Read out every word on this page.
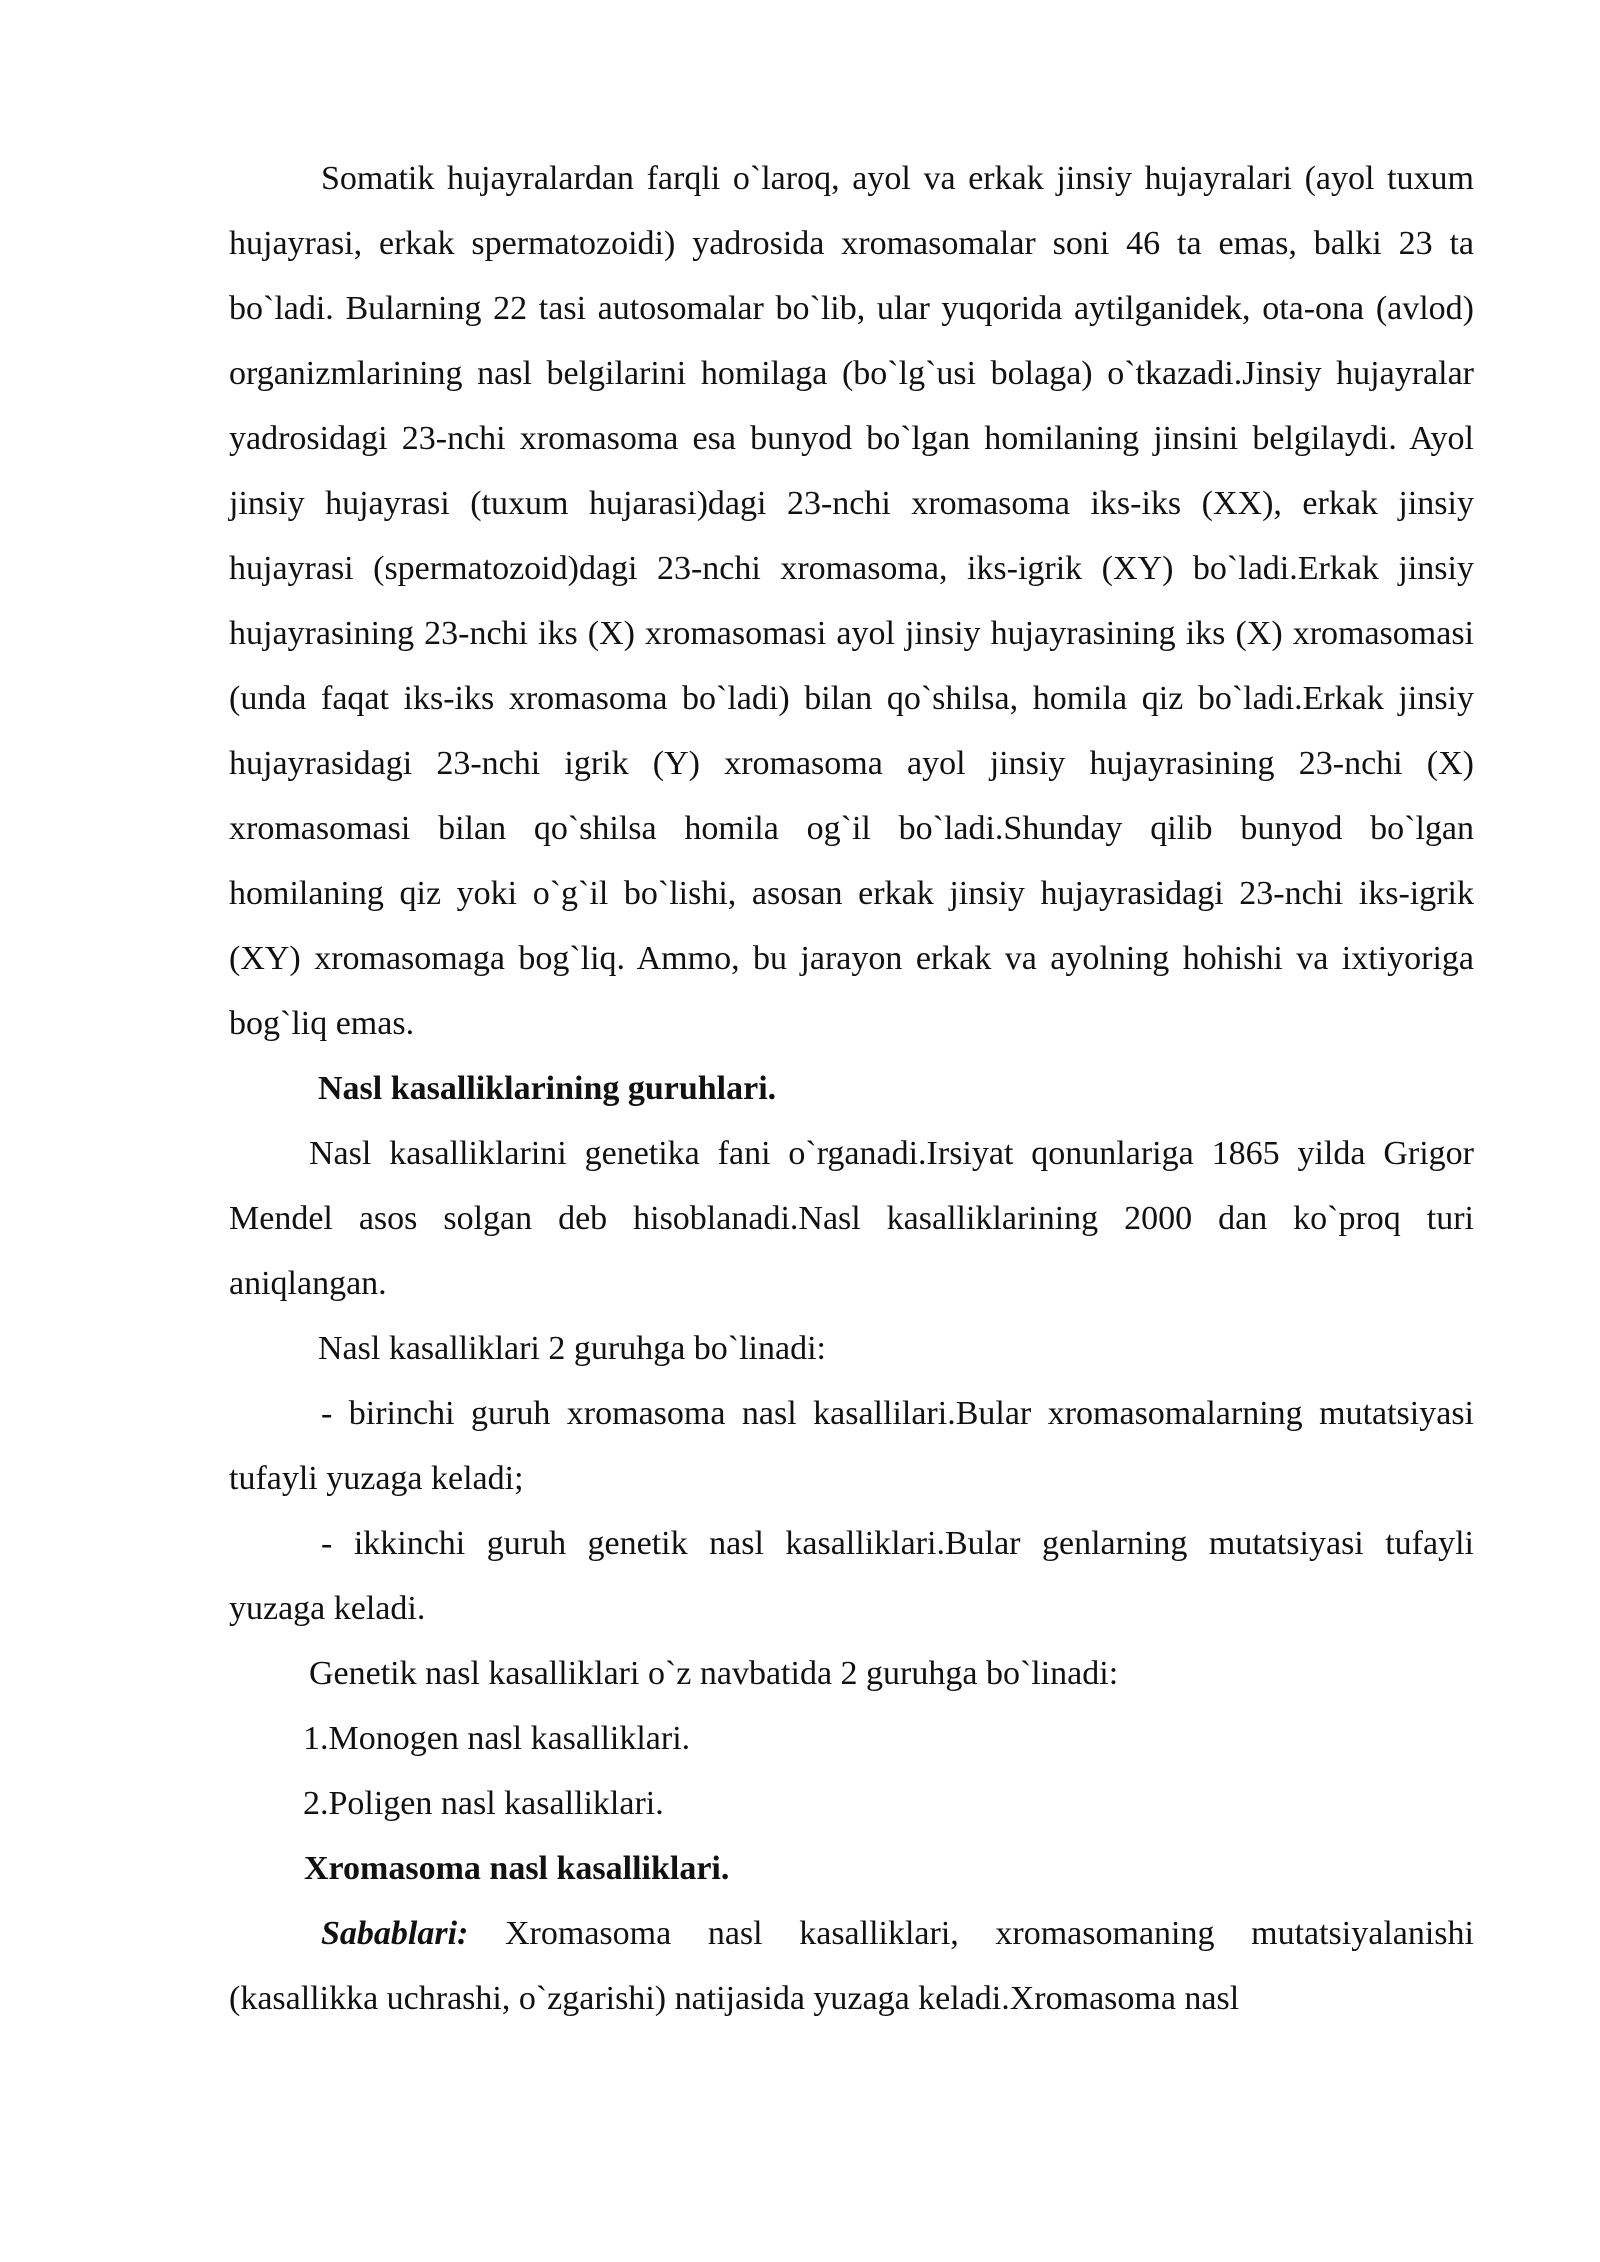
Somatik hujayralardan farqli o`laroq, ayol va erkak jinsiy hujayralari (ayol tuxum hujayrasi, erkak spermatozoidi) yadrosida xromasomalar soni 46 ta emas, balki 23 ta bo`ladi. Bularning 22 tasi autosomalar bo`lib, ular yuqorida aytilganidek, ota-ona (avlod) organizmlarining nasl belgilarini homilaga (bo`lg`usi bolaga) o`tkazadi.Jinsiy hujayralar yadrosidagi 23-nchi xromasoma esa bunyod bo`lgan homilaning jinsini belgilaydi. Ayol jinsiy hujayrasi (tuxum hujarasi)dagi 23-nchi xromasoma iks-iks (XX), erkak jinsiy hujayrasi (spermatozoid)dagi 23-nchi xromasoma, iks-igrik (XY) bo`ladi.Erkak jinsiy hujayrasining 23-nchi iks (X) xromasomasi ayol jinsiy hujayrasining iks (X) xromasomasi (unda faqat iks-iks xromasoma bo`ladi) bilan qo`shilsa, homila qiz bo`ladi.Erkak jinsiy hujayrasidagi 23-nchi igrik (Y) xromasoma ayol jinsiy hujayrasining 23-nchi (X) xromasomasi bilan qo`shilsa homila og`il bo`ladi.Shunday qilib bunyod bo`lgan homilaning qiz yoki o`g`il bo`lishi, asosan erkak jinsiy hujayrasidagi 23-nchi iks-igrik (XY) xromasomaga bog`liq. Ammo, bu jarayon erkak va ayolning hohishi va ixtiyoriga bog`liq emas.

Nasl kasalliklarining guruhlari.

Nasl kasalliklarini genetika fani o`rganadi.Irsiyat qonunlariga 1865 yilda Grigor Mendel asos solgan deb hisoblanadi.Nasl kasalliklarining 2000 dan ko`proq turi aniqlangan.

Nasl kasalliklari 2 guruhga bo`linadi:

- birinchi guruh xromasoma nasl kasallilari.Bular xromasomalarning mutatsiyasi tufayli yuzaga keladi;

- ikkinchi guruh genetik nasl kasalliklari.Bular genlarning mutatsiyasi tufayli yuzaga keladi.

Genetik nasl kasalliklari o`z navbatida 2 guruhga bo`linadi:

1.Monogen nasl kasalliklari.

2.Poligen nasl kasalliklari.

Xromasoma nasl kasalliklari.

Sabablari: Xromasoma nasl kasalliklari, xromasomaning mutatsiyalanishi (kasallikka uchrashi, o`zgarishi) natijasida yuzaga keladi.Xromasoma nasl
